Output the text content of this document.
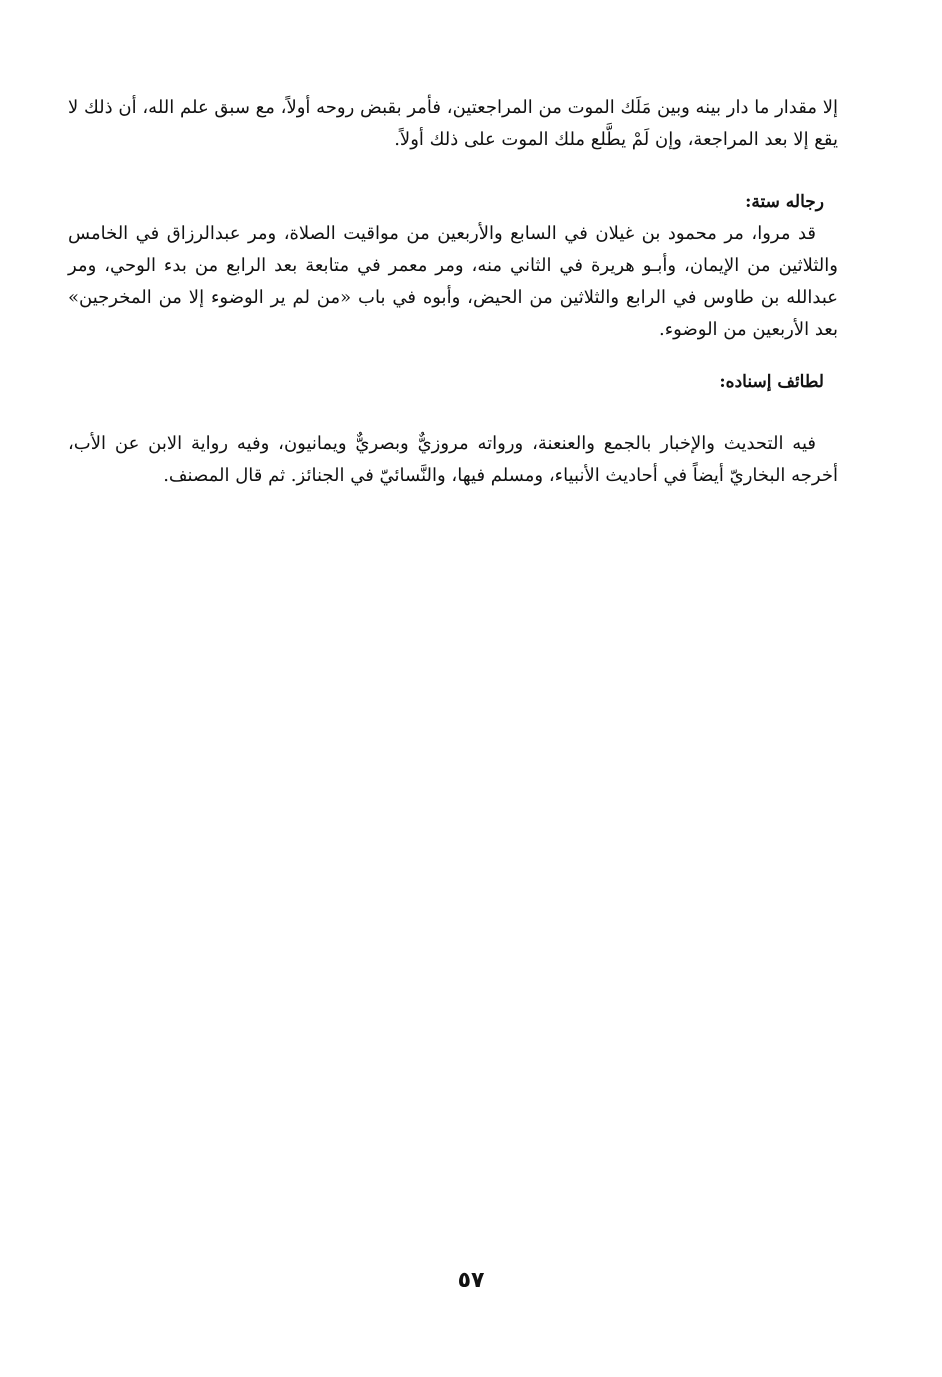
إلا مقدار ما دار بينه وبين مَلَك الموت من المراجعتين، فأمر بقبض روحه أولاً، مع سبق علم الله، أن ذلك لا يقع إلا بعد المراجعة، وإن لَمْ يطَّلع ملك الموت على ذلك أولاً.

رجاله ستة:

قد مروا، مر محمود بن غيلان في السابع والأربعين من مواقيت الصلاة، ومر عبدالرزاق في الخامس والثلاثين من الإيمان، وأبـو هريرة في الثاني منه، ومر معمر في متابعة بعد الرابع من بدء الوحي، ومر عبدالله بن طاوس في الرابع والثلاثين من الحيض، وأبوه في باب «من لم ير الوضوء إلا من المخرجين» بعد الأربعين من الوضوء.

لطائف إسناده:

فيه التحديث والإخبار بالجمع والعنعنة، ورواته مروزيٌّ وبصريٌّ ويمانيون، وفيه رواية الابن عن الأب، أخرجه البخاريّ أيضاً في أحاديث الأنبياء، ومسلم فيها، والنَّسائيّ في الجنائز. ثم قال المصنف.

٥٧
